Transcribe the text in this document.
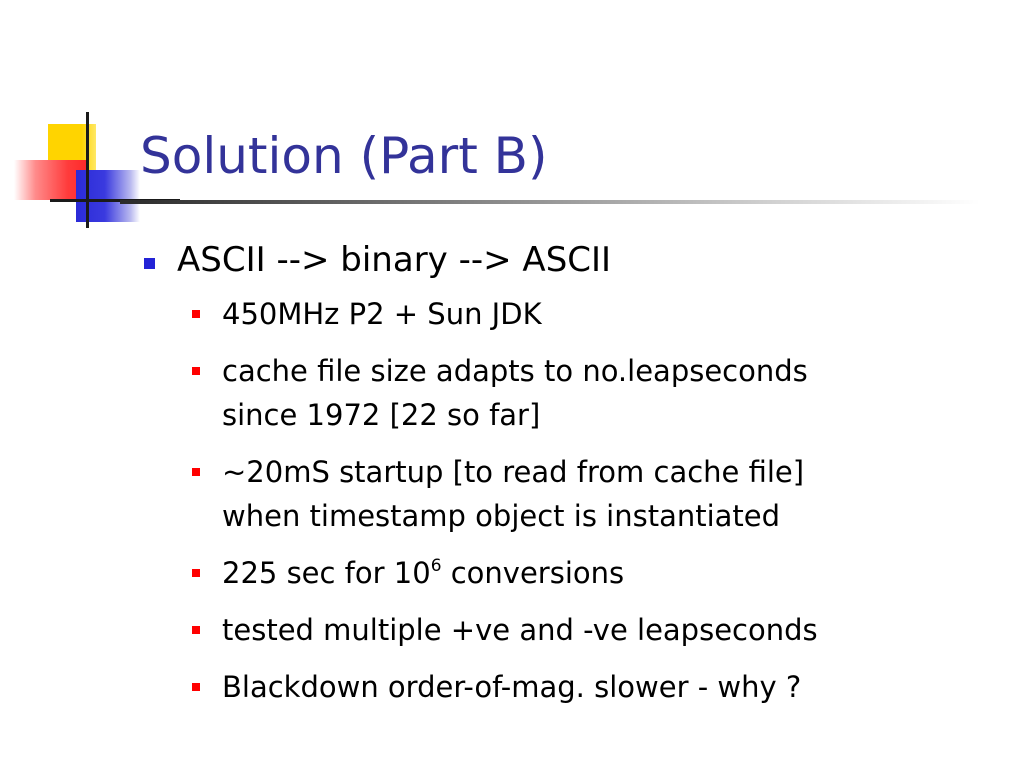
Solution (Part B)
ASCII --> binary --> ASCII
450MHz P2 + Sun JDK
cache file size adapts to no.leapseconds
since 1972 [22 so far]
~20mS startup [to read from cache file]
when timestamp object is instantiated
225 sec for $10^6$ conversions
tested multiple +ve and -ve leapseconds
Blackdown order-of-mag. slower - why ?
